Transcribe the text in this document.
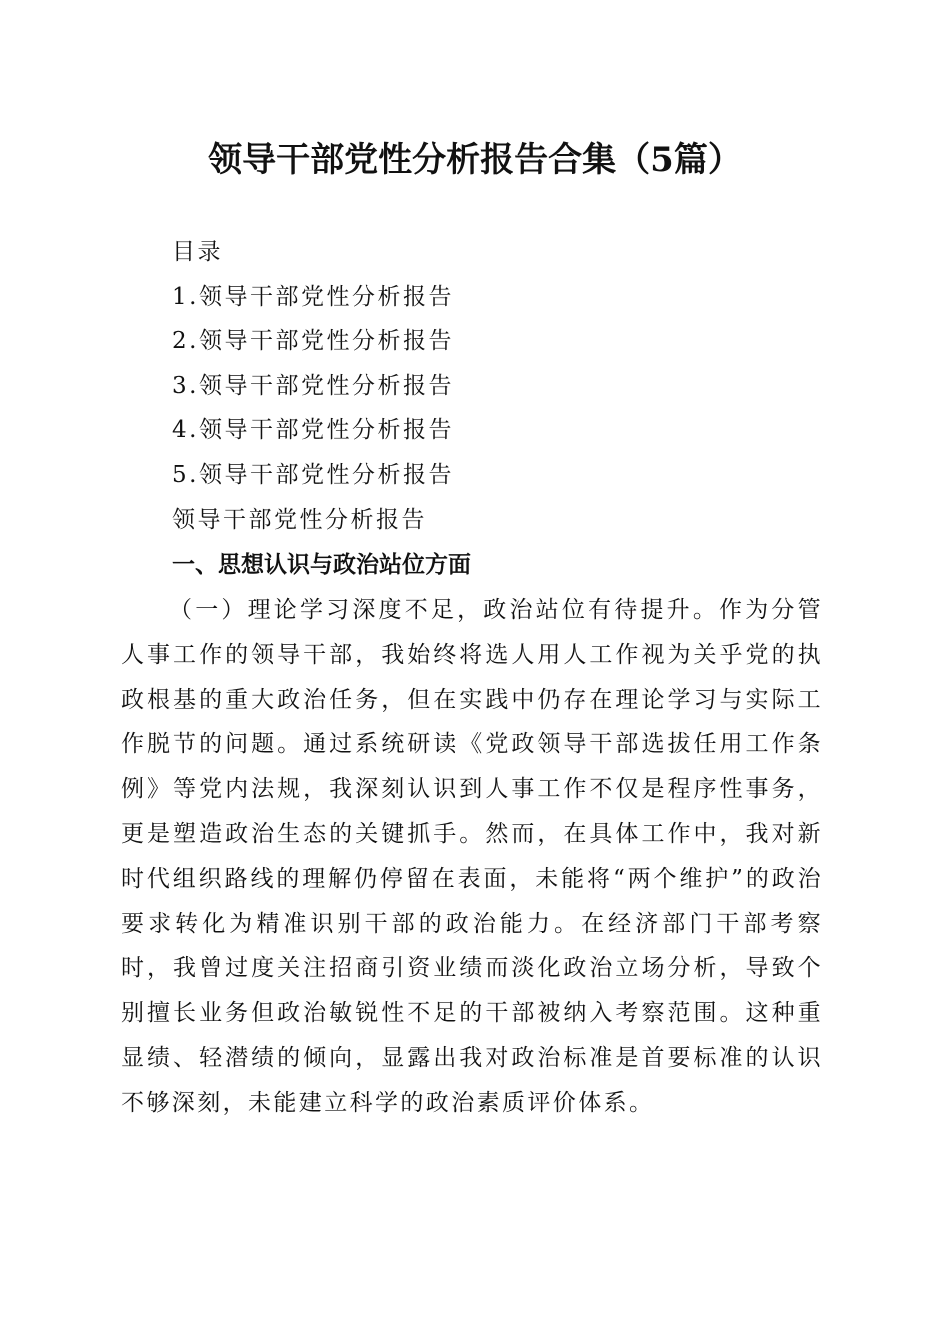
领导干部党性分析报告合集（5篇）
目录
1.领导干部党性分析报告
2.领导干部党性分析报告
3.领导干部党性分析报告
4.领导干部党性分析报告
5.领导干部党性分析报告
领导干部党性分析报告
一、思想认识与政治站位方面

（一）理论学习深度不足，政治站位有待提升。作为分管人事工作的领导干部，我始终将选人用人工作视为关乎党的执政根基的重大政治任务，但在实践中仍存在理论学习与实际工作脱节的问题。通过系统研读《党政领导干部选拔任用工作条例》等党内法规，我深刻认识到人事工作不仅是程序性事务，更是塑造政治生态的关键抓手。然而，在具体工作中，我对新时代组织路线的理解仍停留在表面，未能将“两个维护”的政治要求转化为精准识别干部的政治能力。在经济部门干部考察时，我曾过度关注招商引资业绩而淡化政治立场分析，导致个别擅长业务但政治敏锐性不足的干部被纳入考察范围。这种重显绩、轻潜绩的倾向，显露出我对政治标准是首要标准的认识不够深刻，未能建立科学的政治素质评价体系。
